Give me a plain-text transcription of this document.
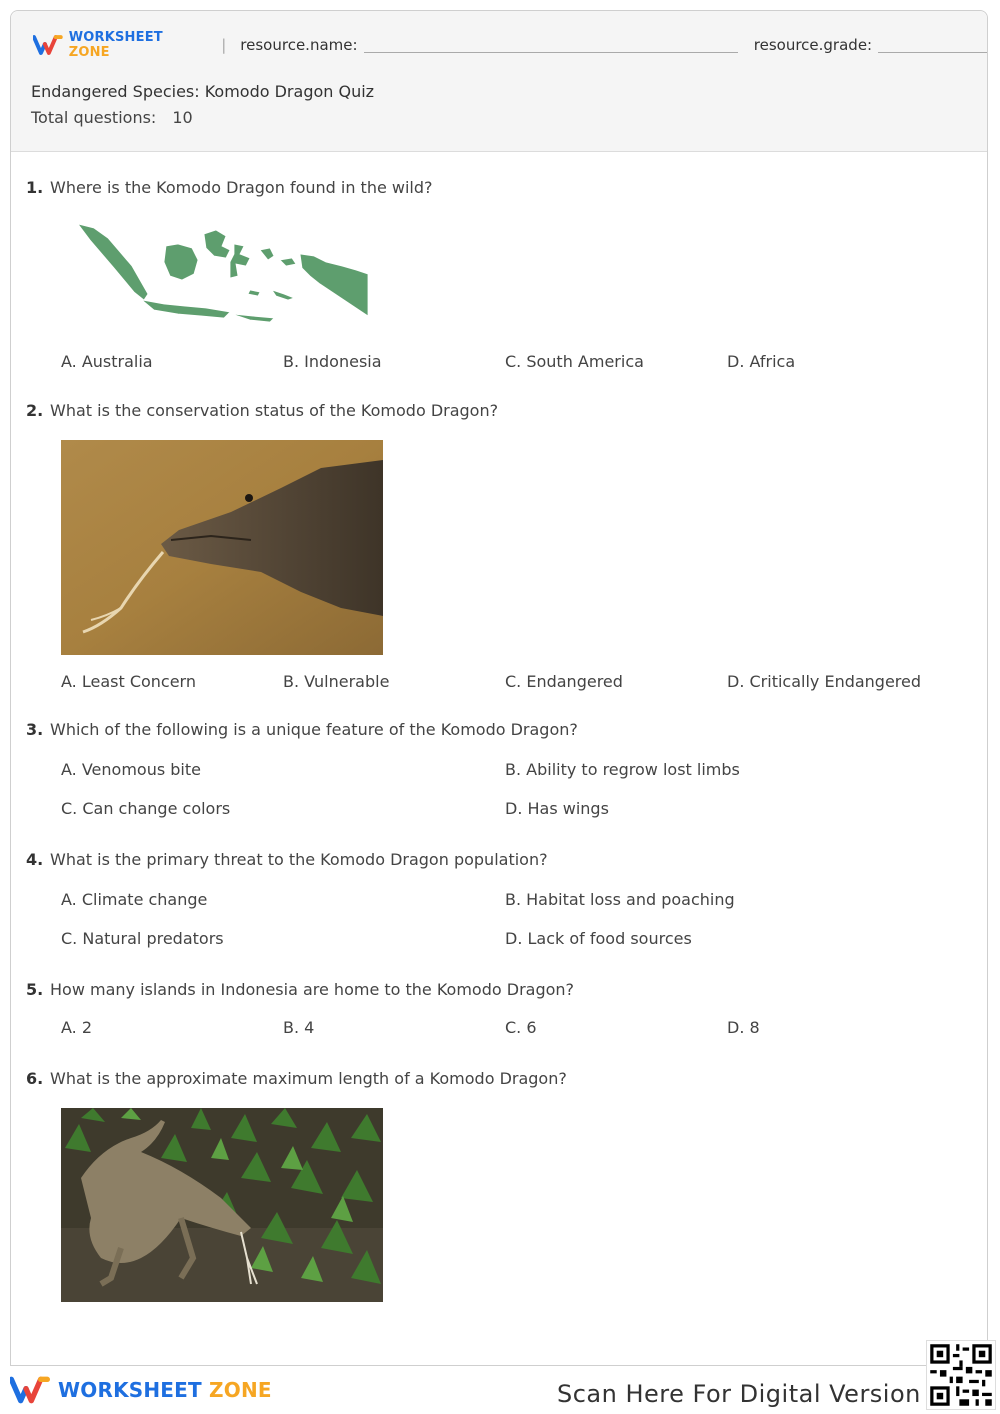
WORKSHEET ZONE	| resource.name:	resource.grade:
Endangered Species: Komodo Dragon Quiz
Total questions: 10
1. Where is the Komodo Dragon found in the wild?
A. Australia	B. Indonesia	C. South America	D. Africa
2. What is the conservation status of the Komodo Dragon?
A. Least Concern	B. Vulnerable	C. Endangered	D. Critically Endangered
3. Which of the following is a unique feature of the Komodo Dragon?
A. Venomous bite	B. Ability to regrow lost limbs
C. Can change colors	D. Has wings
4. What is the primary threat to the Komodo Dragon population?
A. Climate change	B. Habitat loss and poaching
C. Natural predators	D. Lack of food sources
5. How many islands in Indonesia are home to the Komodo Dragon?
A. 2	B. 4	C. 6	D. 8
6. What is the approximate maximum length of a Komodo Dragon?
WORKSHEET ZONE	Scan Here For Digital Version
